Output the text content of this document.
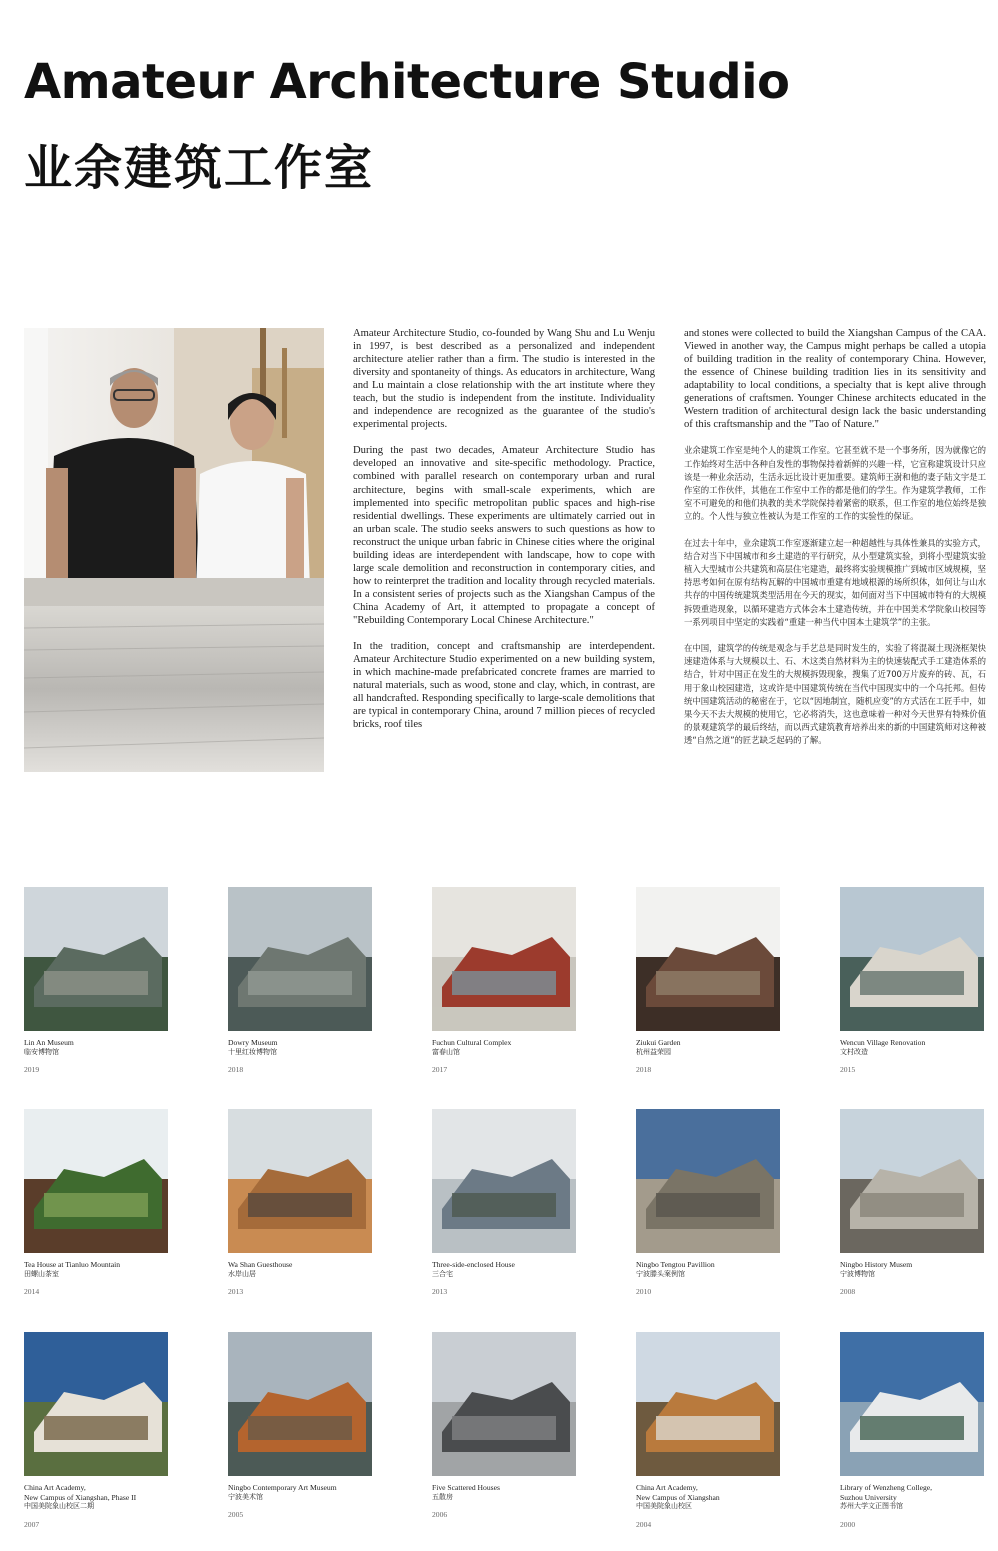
Amateur Architecture Studio
业余建筑工作室

Amateur Architecture Studio, co-founded by Wang Shu and Lu Wenju in 1997, is best described as a personalized and independent architecture atelier rather than a firm. The studio is interested in the diversity and spontaneity of things. As educators in architecture, Wang and Lu maintain a close relationship with the art institute where they teach, but the studio is independent from the institute. Individuality and independence are recognized as the guarantee of the studio's experimental projects.

During the past two decades, Amateur Architecture Studio has developed an innovative and site-specific methodology. Practice, combined with parallel research on contemporary urban and rural architecture, begins with small-scale experiments, which are implemented into specific metropolitan public spaces and high-rise residential dwellings. These experiments are ultimately carried out in an urban scale. The studio seeks answers to such questions as how to reconstruct the unique urban fabric in Chinese cities where the original building ideas are interdependent with landscape, how to cope with large scale demolition and reconstruction in contemporary cities, and how to reinterpret the tradition and locality through recycled materials. In a consistent series of projects such as the Xiangshan Campus of the China Academy of Art, it attempted to propagate a concept of "Rebuilding Contemporary Local Chinese Architecture."

In the tradition, concept and craftsmanship are interdependent. Amateur Architecture Studio experimented on a new building system, in which machine-made prefabricated concrete frames are married to natural materials, such as wood, stone and clay, which, in contrast, are all handcrafted. Responding specifically to large-scale demolitions that are typical in contemporary China, around 7 million pieces of recycled bricks, roof tiles

and stones were collected to build the Xiangshan Campus of the CAA. Viewed in another way, the Campus might perhaps be called a utopia of building tradition in the reality of contemporary China. However, the essence of Chinese building tradition lies in its sensitivity and adaptability to local conditions, a specialty that is kept alive through generations of craftsmen. Younger Chinese architects educated in the Western tradition of architectural design lack the basic understanding of this craftsmanship and the "Tao of Nature."

业余建筑工作室是纯个人的建筑工作室。它甚至就不是一个事务所，因为就像它的工作始终对生活中各种自发性的事物保持着新鲜的兴趣一样，它宣称建筑设计只应该是一种业余活动，生活永远比设计更加重要。建筑师王澍和他的妻子陆文宇是工作室的工作伙伴，其他在工作室中工作的都是他们的学生。作为建筑学教师，工作室不可避免的和他们执教的美术学院保持着紧密的联系，但工作室的地位始终是独立的。个人性与独立性被认为是工作室的工作的实验性的保证。

在过去十年中，业余建筑工作室逐渐建立起一种超越性与具体性兼具的实验方式，结合对当下中国城市和乡土建造的平行研究，从小型建筑实验，到将小型建筑实验植入大型城市公共建筑和高层住宅建造，最终将实验规模推广到城市区域规模，坚持思考如何在原有结构瓦解的中国城市重建有地域根源的场所织体，如何让与山水共存的中国传统建筑类型活用在今天的现实，如何面对当下中国城市特有的大规模拆毁重造现象，以循环建造方式体会本土建造传统，并在中国美术学院象山校园等一系列项目中坚定的实践着“重建一种当代中国本土建筑学”的主张。

在中国，建筑学的传统是观念与手艺总是同时发生的，实验了将混凝土现浇框架快速建造体系与大规模以土、石、木这类自然材料为主的快速装配式手工建造体系的结合，针对中国正在发生的大规模拆毁现象，搜集了近700万片废弃的砖、瓦，石用于象山校园建造，这或许是中国建筑传统在当代中国现实中的一个乌托邦。但传统中国建筑活动的秘密在于，它以“因地制宜，随机应变”的方式活在工匠手中，如果今天不去大规模的使用它，它必将消失，这也意味着一种对今天世界有特殊价值的景观建筑学的最后终结，而以西式建筑教育培养出来的新的中国建筑师对这种被透“自然之道”的匠艺缺乏起码的了解。

Lin An Museum
临安博物馆
2019
Dowry Museum
十里红妆博物馆
2018
Fuchun Cultural Complex
富春山馆
2017
Ziukui Garden
杭州益荣园
2018
Wencun Village Renovation
文村改造
2015
Tea House at Tianluo Mountain
田螺山茶室
2014
Wa Shan Guesthouse
水岸山居
2013
Three-side-enclosed House
三合宅
2013
Ningbo Tengtou Pavillion
宁波滕头案例馆
2010
Ningbo History Musem
宁波博物馆
2008
China Art Academy,
New Campus of Xiangshan, Phase II
中国美院象山校区二期
2007
Ningbo Contemporary Art Museum
宁波美术馆
2005
Five Scattered Houses
五散房
2006
China Art Academy,
New Campus of Xiangshan
中国美院象山校区
2004
Library of Wenzheng College,
Suzhou University
苏州大学文正图书馆
2000
